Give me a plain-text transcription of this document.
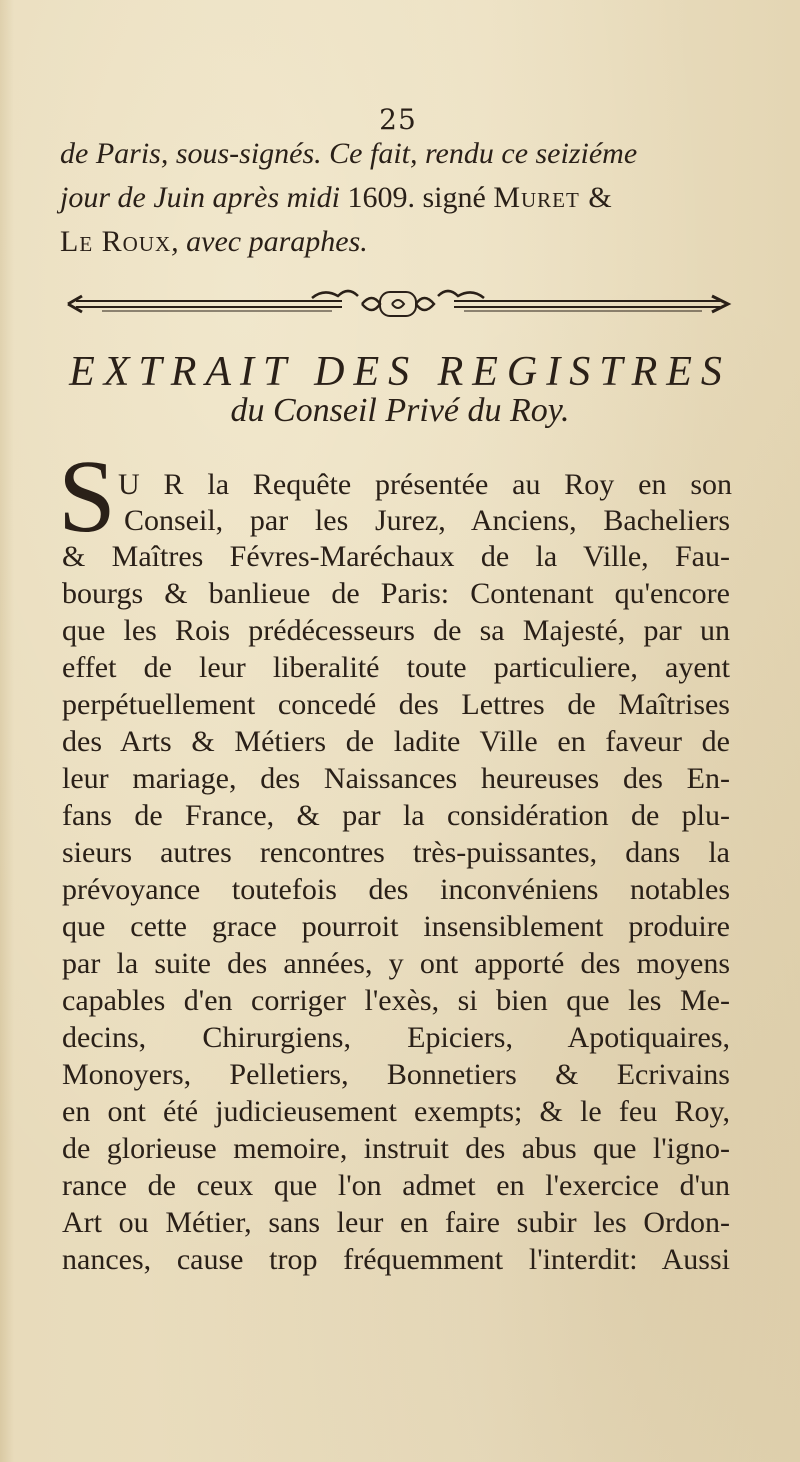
25
de Paris, sous-signés. Ce fait, rendu ce seiziéme
jour de Juin après midi 1609. signé Muret &
Le Roux, avec paraphes.
EXTRAIT DES REGISTRES
du Conseil Privé du Roy.
S U R la Requête présentée au Roy en son
Conseil, par les Jurez, Anciens, Bacheliers
& Maîtres Févres-Maréchaux de la Ville, Fau-
bourgs & banlieue de Paris: Contenant qu'encore
que les Rois prédécesseurs de sa Majesté, par un
effet de leur liberalité toute particuliere, ayent
perpétuellement concedé des Lettres de Maîtrises
des Arts & Métiers de ladite Ville en faveur de
leur mariage, des Naissances heureuses des En-
fans de France, & par la considération de plu-
sieurs autres rencontres très-puissantes, dans la
prévoyance toutefois des inconvéniens notables
que cette grace pourroit insensiblement produire
par la suite des années, y ont apporté des moyens
capables d'en corriger l'exès, si bien que les Me-
decins, Chirurgiens, Epiciers, Apotiquaires,
Monoyers, Pelletiers, Bonnetiers & Ecrivains
en ont été judicieusement exempts; & le feu Roy,
de glorieuse memoire, instruit des abus que l'igno-
rance de ceux que l'on admet en l'exercice d'un
Art ou Métier, sans leur en faire subir les Ordon-
nances, cause trop fréquemment l'interdit: Aussi
